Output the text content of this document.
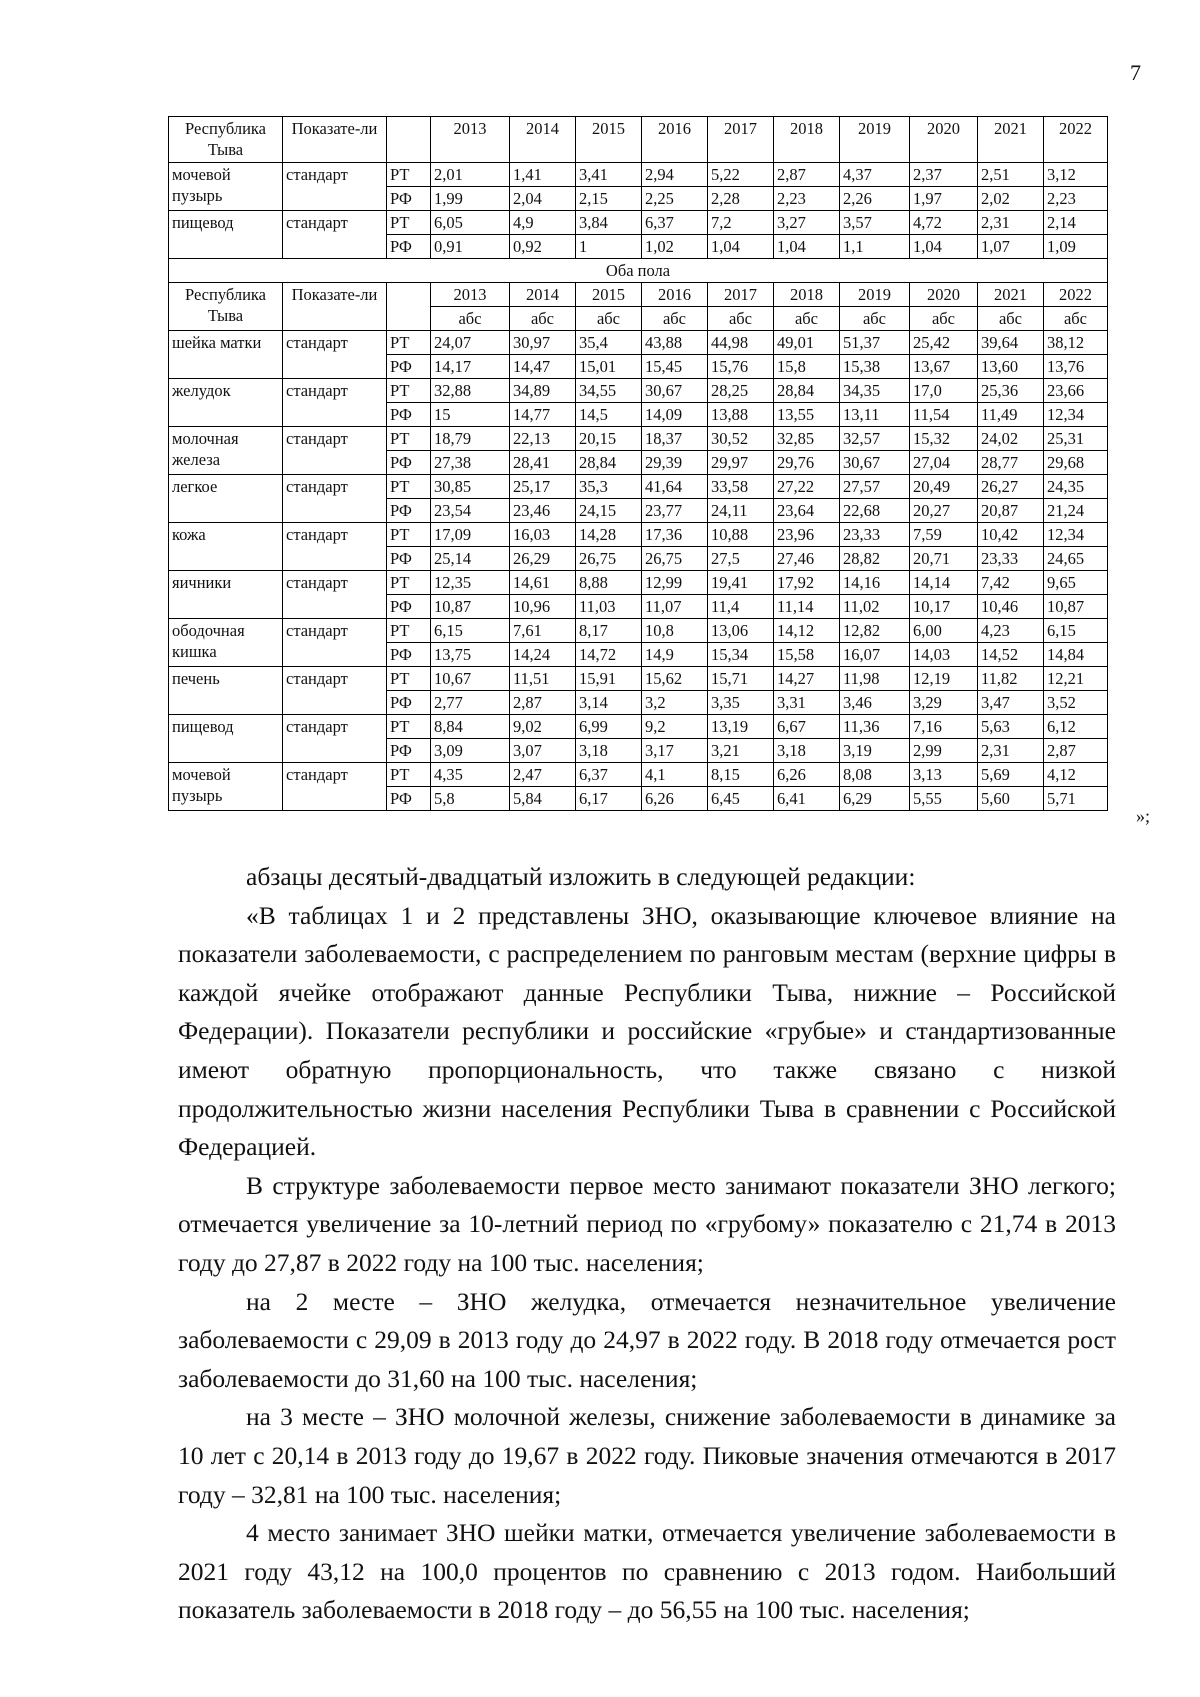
7
Республика Тыва	Показате-ли		2013	2014	2015	2016	2017	2018	2019	2020	2021	2022
мочевой пузырь	стандарт	РТ	2,01	1,41	3,41	2,94	5,22	2,87	4,37	2,37	2,51	3,12
		РФ	1,99	2,04	2,15	2,25	2,28	2,23	2,26	1,97	2,02	2,23
пищевод	стандарт	РТ	6,05	4,9	3,84	6,37	7,2	3,27	3,57	4,72	2,31	2,14
		РФ	0,91	0,92	1	1,02	1,04	1,04	1,1	1,04	1,07	1,09
Оба пола												
Республика Тыва	Показате-ли		2013	2014	2015	2016	2017	2018	2019	2020	2021	2022
			абс	абс	абс	абс	абс	абс	абс	абс	абс	абс
шейка матки	стандарт	РТ	24,07	30,97	35,4	43,88	44,98	49,01	51,37	25,42	39,64	38,12
		РФ	14,17	14,47	15,01	15,45	15,76	15,8	15,38	13,67	13,60	13,76
желудок	стандарт	РТ	32,88	34,89	34,55	30,67	28,25	28,84	34,35	17,0	25,36	23,66
		РФ	15	14,77	14,5	14,09	13,88	13,55	13,11	11,54	11,49	12,34
молочная железа	стандарт	РТ	18,79	22,13	20,15	18,37	30,52	32,85	32,57	15,32	24,02	25,31
		РФ	27,38	28,41	28,84	29,39	29,97	29,76	30,67	27,04	28,77	29,68
легкое	стандарт	РТ	30,85	25,17	35,3	41,64	33,58	27,22	27,57	20,49	26,27	24,35
		РФ	23,54	23,46	24,15	23,77	24,11	23,64	22,68	20,27	20,87	21,24
кожа	стандарт	РТ	17,09	16,03	14,28	17,36	10,88	23,96	23,33	7,59	10,42	12,34
		РФ	25,14	26,29	26,75	26,75	27,5	27,46	28,82	20,71	23,33	24,65
яичники	стандарт	РТ	12,35	14,61	8,88	12,99	19,41	17,92	14,16	14,14	7,42	9,65
		РФ	10,87	10,96	11,03	11,07	11,4	11,14	11,02	10,17	10,46	10,87
ободочная кишка	стандарт	РТ	6,15	7,61	8,17	10,8	13,06	14,12	12,82	6,00	4,23	6,15
		РФ	13,75	14,24	14,72	14,9	15,34	15,58	16,07	14,03	14,52	14,84
печень	стандарт	РТ	10,67	11,51	15,91	15,62	15,71	14,27	11,98	12,19	11,82	12,21
		РФ	2,77	2,87	3,14	3,2	3,35	3,31	3,46	3,29	3,47	3,52
пищевод	стандарт	РТ	8,84	9,02	6,99	9,2	13,19	6,67	11,36	7,16	5,63	6,12
		РФ	3,09	3,07	3,18	3,17	3,21	3,18	3,19	2,99	2,31	2,87
мочевой пузырь	стандарт	РТ	4,35	2,47	6,37	4,1	8,15	6,26	8,08	3,13	5,69	4,12
		РФ	5,8	5,84	6,17	6,26	6,45	6,41	6,29	5,55	5,60	5,71
»;

абзацы десятый-двадцатый изложить в следующей редакции:

«В таблицах 1 и 2 представлены ЗНО, оказывающие ключевое влияние на показатели заболеваемости, с распределением по ранговым местам (верхние цифры в каждой ячейке отображают данные Республики Тыва, нижние – Российской Федерации). Показатели республики и российские «грубые» и стандартизованные имеют обратную пропорциональность, что также связано с низкой продолжительностью жизни населения Республики Тыва в сравнении с Российской Федерацией.

В структуре заболеваемости первое место занимают показатели ЗНО легкого; отмечается увеличение за 10-летний период по «грубому» показателю с 21,74 в 2013 году до 27,87 в 2022 году на 100 тыс. населения;

на 2 месте – ЗНО желудка, отмечается незначительное увеличение заболеваемости с 29,09 в 2013 году до 24,97 в 2022 году. В 2018 году отмечается рост заболеваемости до 31,60 на 100 тыс. населения;

на 3 месте – ЗНО молочной железы, снижение заболеваемости в динамике за 10 лет с 20,14 в 2013 году до 19,67 в 2022 году. Пиковые значения отмечаются в 2017 году – 32,81 на 100 тыс. населения;

4 место занимает ЗНО шейки матки, отмечается увеличение заболеваемости в 2021 году 43,12 на 100,0 процентов по сравнению с 2013 годом. Наибольший показатель заболеваемости в 2018 году – до 56,55 на 100 тыс. населения;
